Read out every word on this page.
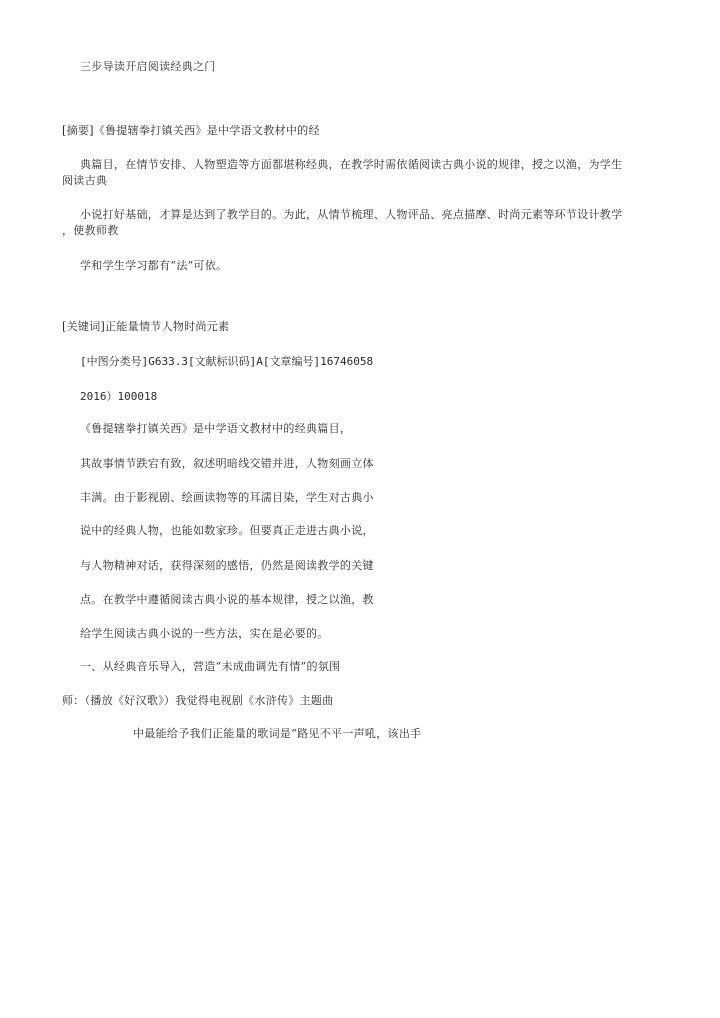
三步导读开启阅读经典之门
[摘要]《鲁提辖拳打镇关西》是中学语文教材中的经
典篇目，在情节安排、人物塑造等方面都堪称经典，在教学时需依循阅读古典小说的规律，授之以渔，为学生
阅读古典
小说打好基础，才算是达到了教学目的。为此，从情节梳理、人物评品、亮点描摩、时尚元素等环节设计教学
，使教师教
学和学生学习都有“法”可依。
[关键词]正能量情节人物时尚元素
[中图分类号]G633.3[文献标识码]A[文章编号]16746058
2016）100018
《鲁提辖拳打镇关西》是中学语文教材中的经典篇目，
其故事情节跌宕有致，叙述明暗线交错并进，人物刻画立体
丰满。由于影视剧、绘画读物等的耳濡目染，学生对古典小
说中的经典人物，也能如数家珍。但要真正走进古典小说，
与人物精神对话，获得深刻的感悟，仍然是阅读教学的关键
点。在教学中遵循阅读古典小说的基本规律，授之以渔，教
给学生阅读古典小说的一些方法，实在是必要的。
一、从经典音乐导入，营造“未成曲调先有情”的氛围
师：（播放《好汉歌》）我觉得电视剧《水浒传》主题曲
中最能给予我们正能量的歌词是“路见不平一声吼，该出手
